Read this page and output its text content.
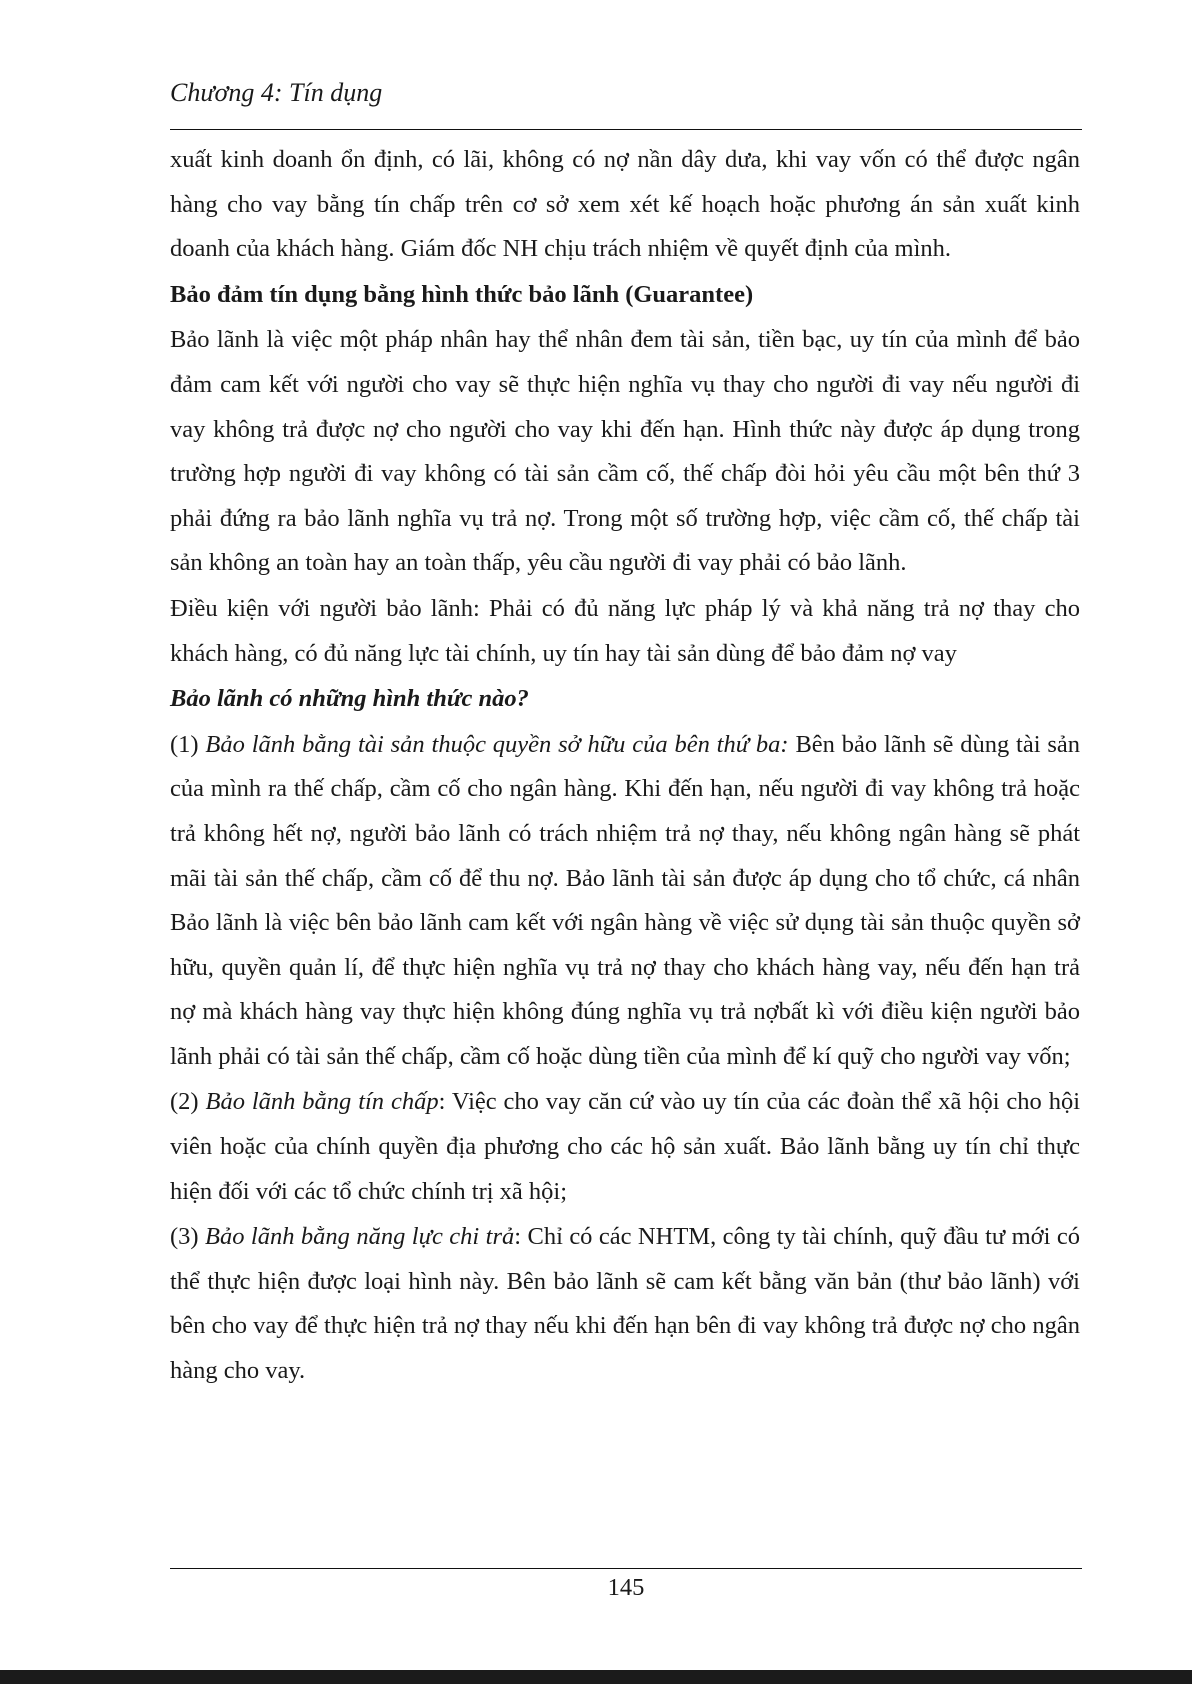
Chương 4: Tín dụng

xuất kinh doanh ổn định, có lãi, không có nợ nần dây dưa, khi vay vốn có thể được ngân hàng cho vay bằng tín chấp trên cơ sở xem xét kế hoạch hoặc phương án sản xuất kinh doanh của khách hàng. Giám đốc NH chịu trách nhiệm về quyết định của mình.

Bảo đảm tín dụng bằng hình thức bảo lãnh (Guarantee)

Bảo lãnh là việc một pháp nhân hay thể nhân đem tài sản, tiền bạc, uy tín của mình để bảo đảm cam kết với người cho vay sẽ thực hiện nghĩa vụ thay cho người đi vay nếu người đi vay không trả được nợ cho người cho vay khi đến hạn. Hình thức này được áp dụng trong trường hợp người đi vay không có tài sản cầm cố, thế chấp đòi hỏi yêu cầu một bên thứ 3 phải đứng ra bảo lãnh nghĩa vụ trả nợ. Trong một số trường hợp, việc cầm cố, thế chấp tài sản không an toàn hay an toàn thấp, yêu cầu người đi vay phải có bảo lãnh.

Điều kiện với người bảo lãnh: Phải có đủ năng lực pháp lý và khả năng trả nợ thay cho khách hàng, có đủ năng lực tài chính, uy tín hay tài sản dùng để bảo đảm nợ vay

Bảo lãnh có những hình thức nào?

(1) Bảo lãnh bằng tài sản thuộc quyền sở hữu của bên thứ ba: Bên bảo lãnh sẽ dùng tài sản của mình ra thế chấp, cầm cố cho ngân hàng. Khi đến hạn, nếu người đi vay không trả hoặc trả không hết nợ, người bảo lãnh có trách nhiệm trả nợ thay, nếu không ngân hàng sẽ phát mãi tài sản thế chấp, cầm cố để thu nợ. Bảo lãnh tài sản được áp dụng cho tổ chức, cá nhân Bảo lãnh là việc bên bảo lãnh cam kết với ngân hàng về việc sử dụng tài sản thuộc quyền sở hữu, quyền quản lí, để thực hiện nghĩa vụ trả nợ thay cho khách hàng vay, nếu đến hạn trả nợ mà khách hàng vay thực hiện không đúng nghĩa vụ trả nợbất kì với điều kiện người bảo lãnh phải có tài sản thế chấp, cầm cố hoặc dùng tiền của mình để kí quỹ cho người vay vốn;

(2) Bảo lãnh bằng tín chấp: Việc cho vay căn cứ vào uy tín của các đoàn thể xã hội cho hội viên hoặc của chính quyền địa phương cho các hộ sản xuất. Bảo lãnh bằng uy tín chỉ thực hiện đối với các tổ chức chính trị xã hội;

(3) Bảo lãnh bằng năng lực chi trả: Chỉ có các NHTM, công ty tài chính, quỹ đầu tư mới có thể thực hiện được loại hình này. Bên bảo lãnh sẽ cam kết bằng văn bản (thư bảo lãnh) với bên cho vay để thực hiện trả nợ thay nếu khi đến hạn bên đi vay không trả được nợ cho ngân hàng cho vay.

145
